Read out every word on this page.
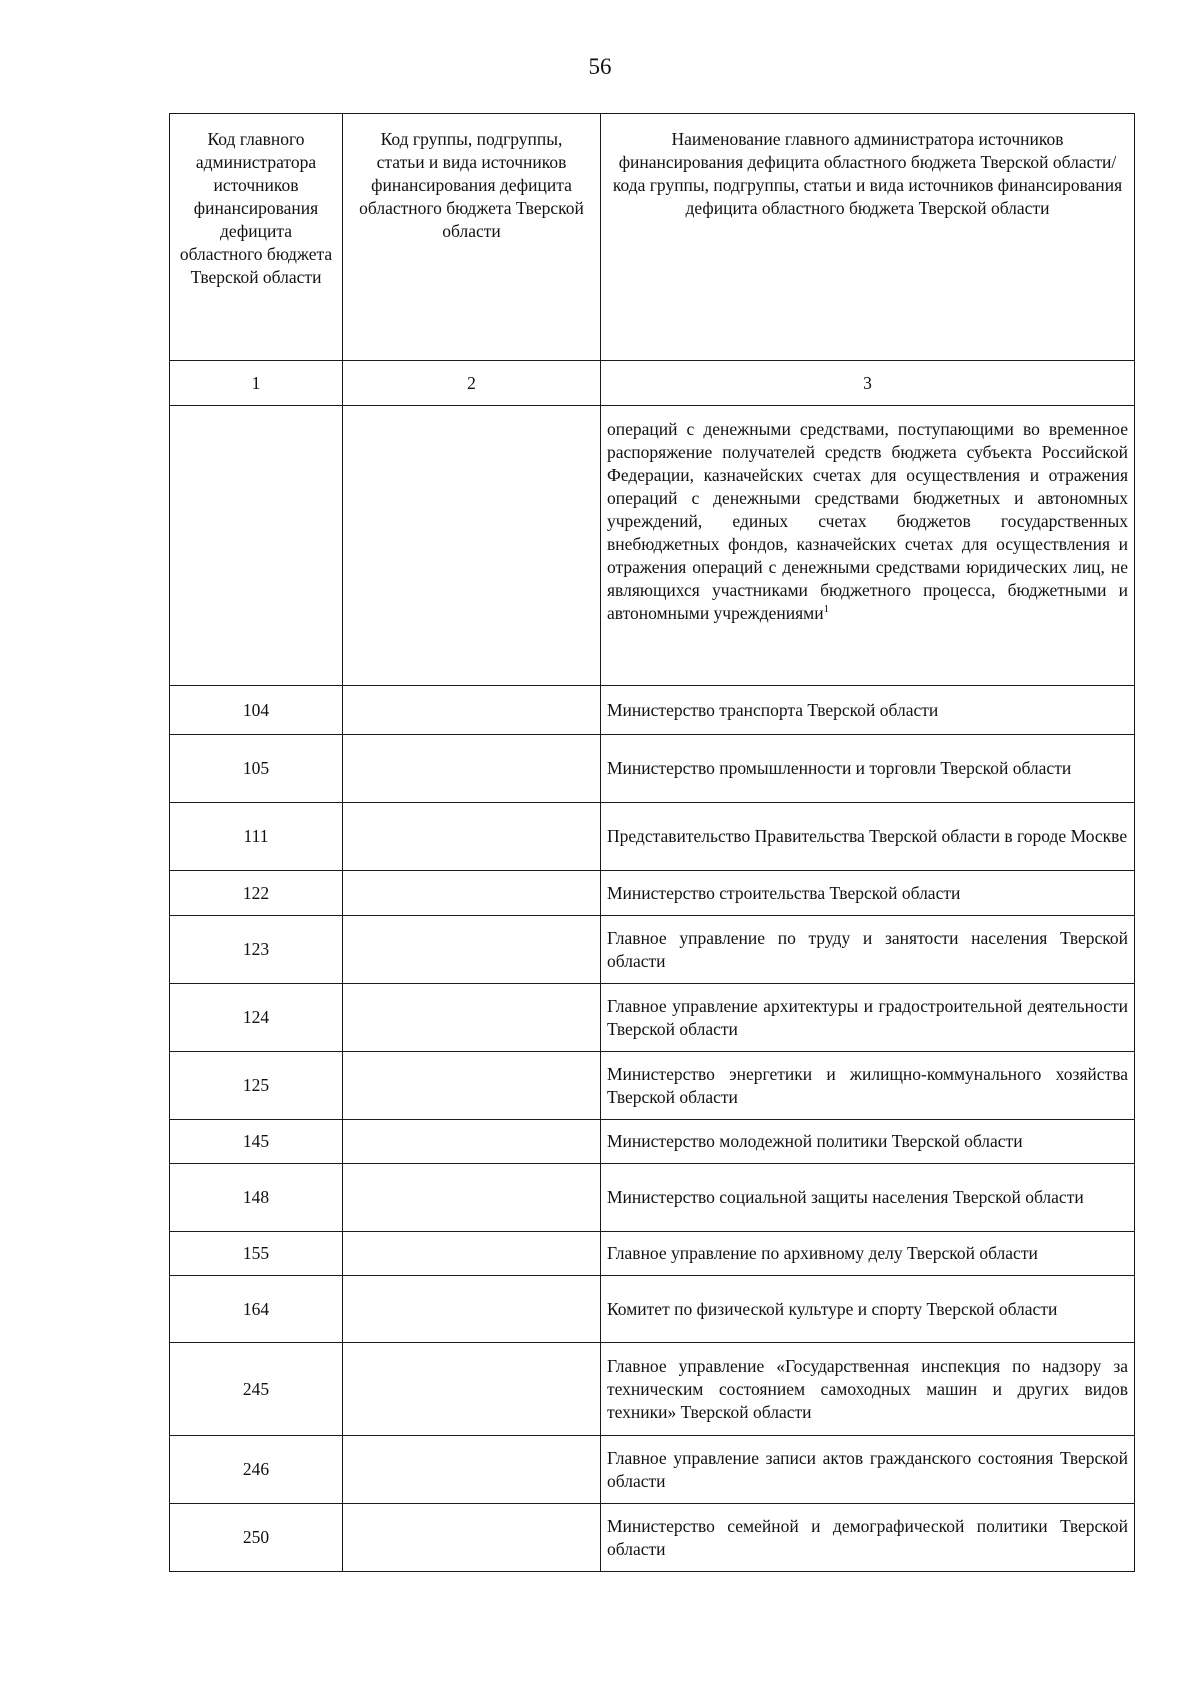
56
Код главного администратора источников финансирования дефицита областного бюджета Тверской области	Код группы, подгруппы, статьи и вида источников финансирования дефицита областного бюджета Тверской области	Наименование главного администратора источников финансирования дефицита областного бюджета Тверской области/кода группы, подгруппы, статьи и вида источников финансирования дефицита областного бюджета Тверской области
1	2	3
		операций с денежными средствами, поступающими во временное распоряжение получателей средств бюджета субъекта Российской Федерации, казначейских счетах для осуществления и отражения операций с денежными средствами бюджетных и автономных учреждений, единых счетах бюджетов государственных внебюджетных фондов, казначейских счетах для осуществления и отражения операций с денежными средствами юридических лиц, не являющихся участниками бюджетного процесса, бюджетными и автономными учреждениями$^1$
104		Министерство транспорта Тверской области
105		Министерство промышленности и торговли Тверской области
111		Представительство Правительства Тверской области в городе Москве
122		Министерство строительства Тверской области
123		Главное управление по труду и занятости населения Тверской области
124		Главное управление архитектуры и градостроительной деятельности Тверской области
125		Министерство энергетики и жилищно-коммунального хозяйства Тверской области
145		Министерство молодежной политики Тверской области
148		Министерство социальной защиты населения Тверской области
155		Главное управление по архивному делу Тверской области
164		Комитет по физической культуре и спорту Тверской области
245		Главное управление «Государственная инспекция по надзору за техническим состоянием самоходных машин и других видов техники» Тверской области
246		Главное управление записи актов гражданского состояния Тверской области
250		Министерство семейной и демографической политики Тверской области
